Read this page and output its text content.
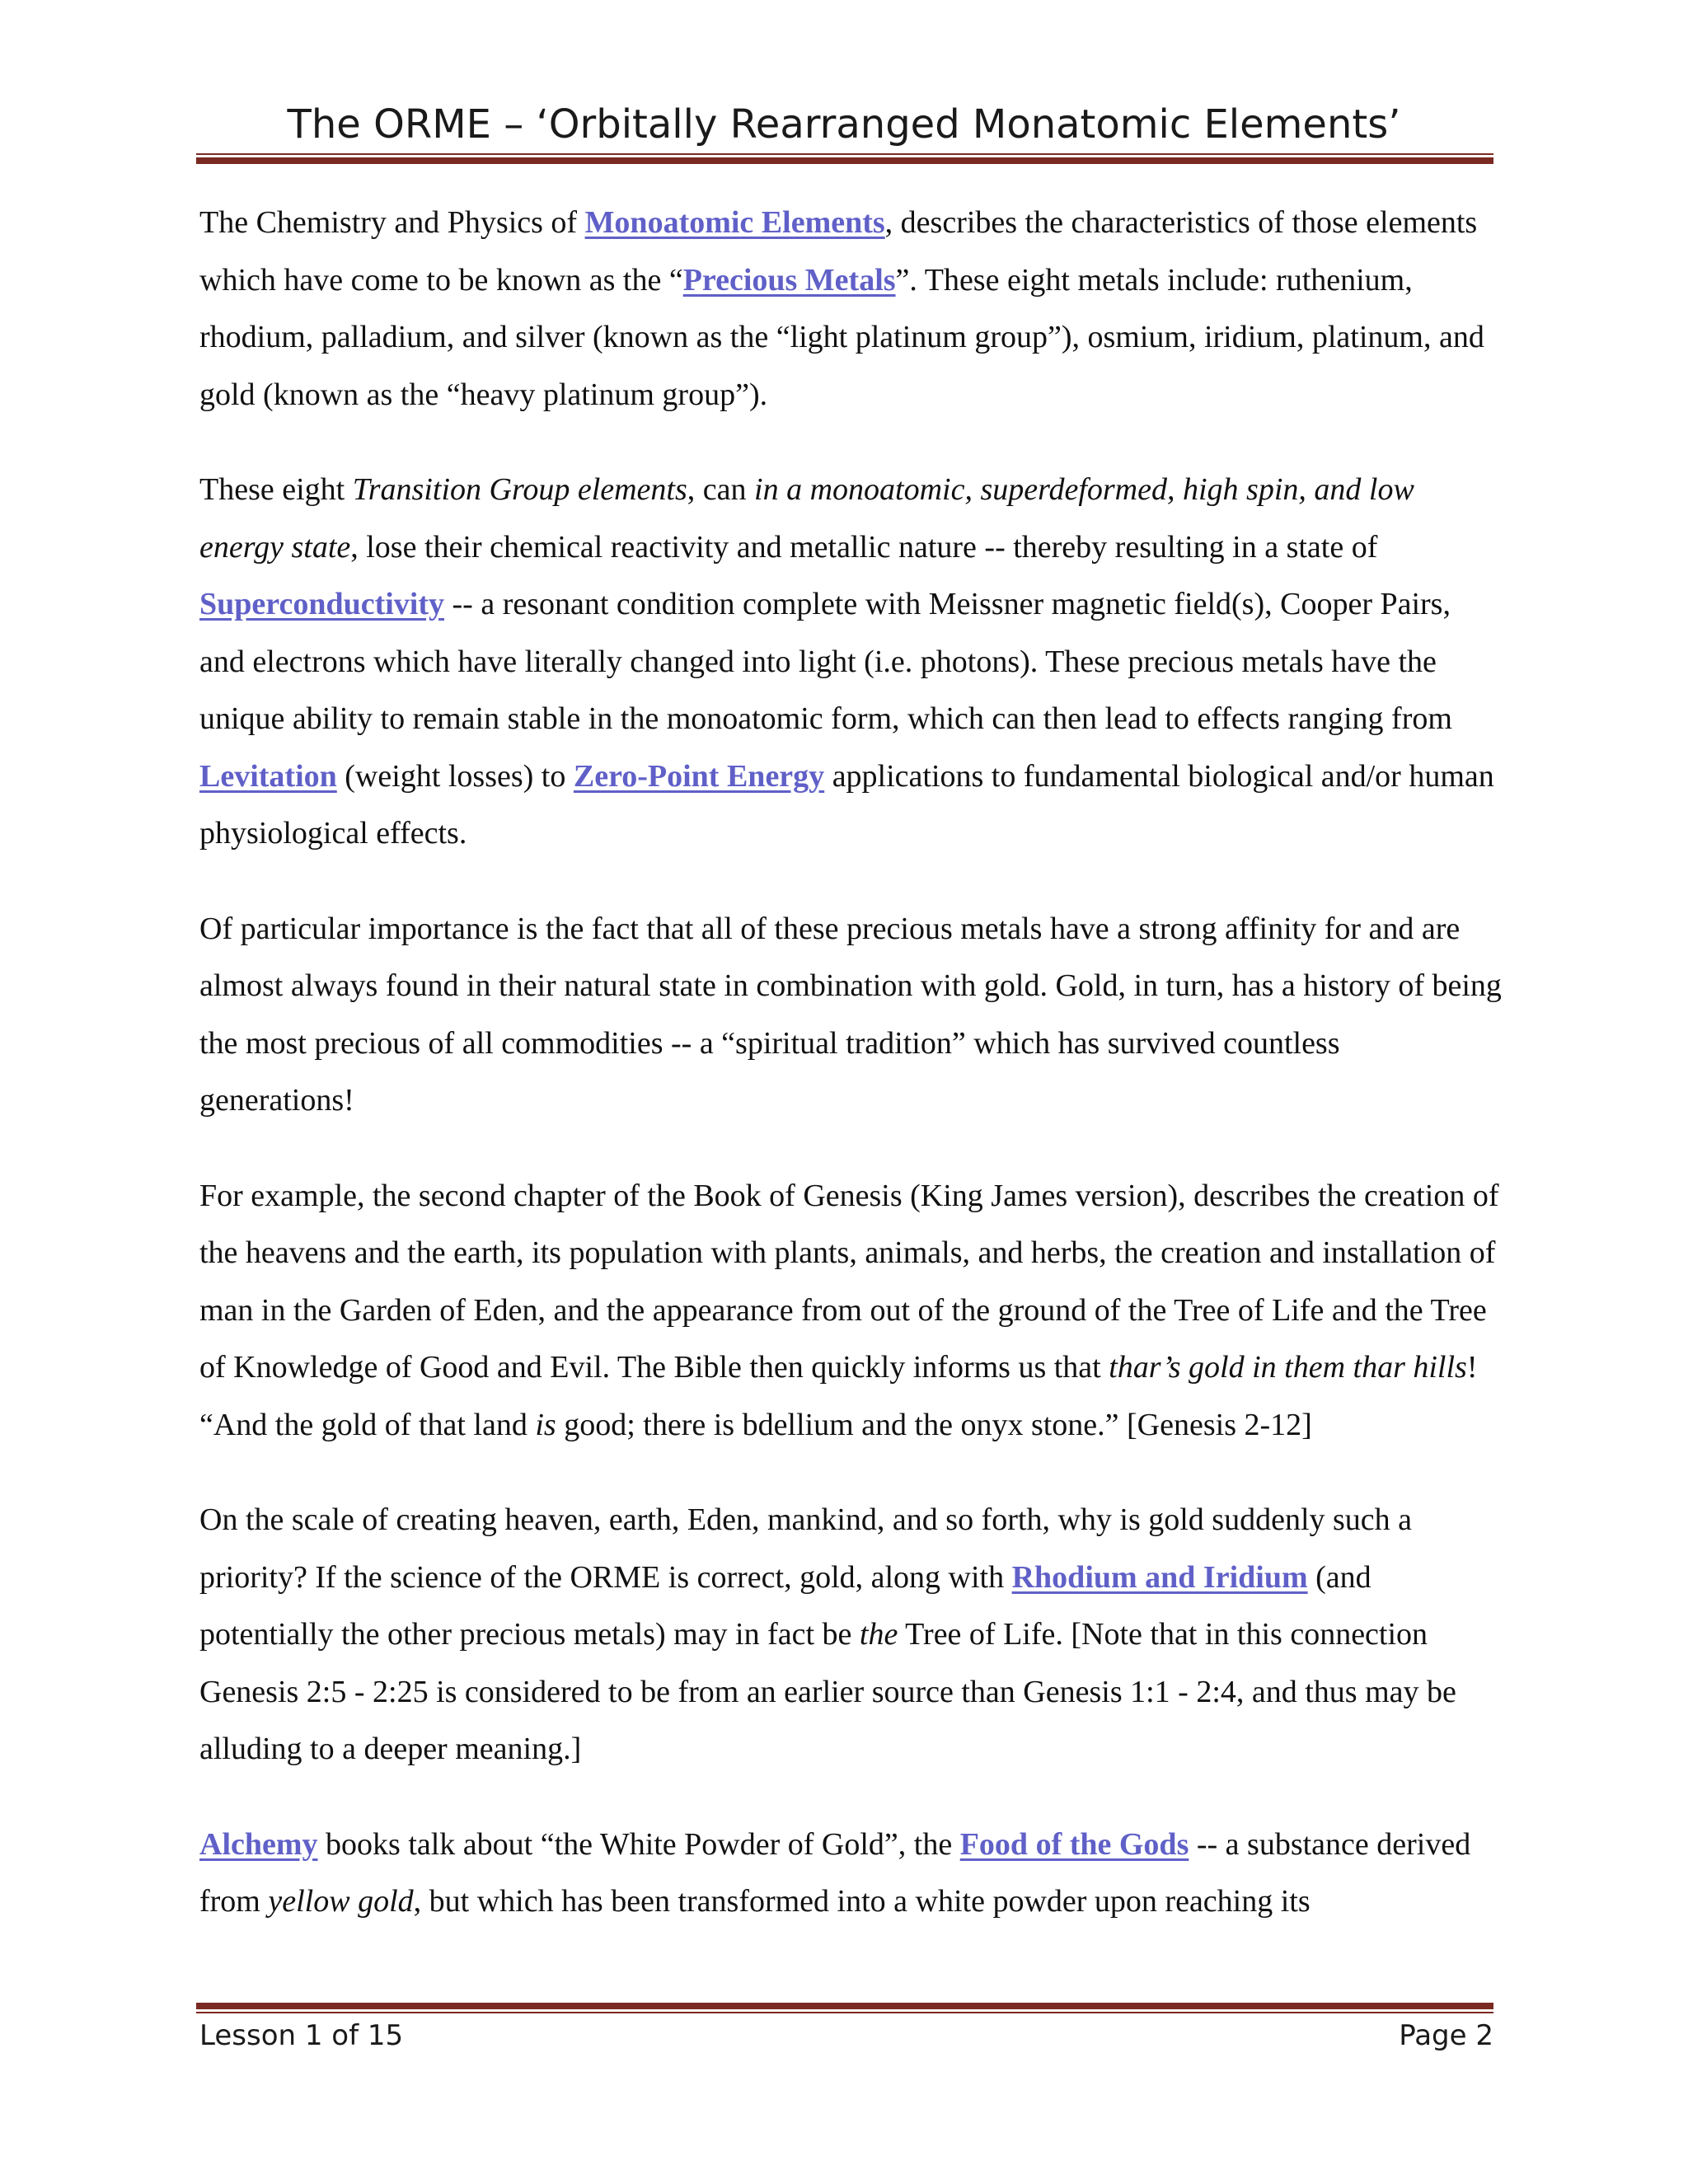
The ORME – ‘Orbitally Rearranged Monatomic Elements’

The Chemistry and Physics of Monoatomic Elements, describes the characteristics of those elements which have come to be known as the “Precious Metals”. These eight metals include: ruthenium, rhodium, palladium, and silver (known as the “light platinum group”), osmium, iridium, platinum, and gold (known as the “heavy platinum group”).

These eight Transition Group elements, can in a monoatomic, superdeformed, high spin, and low energy state, lose their chemical reactivity and metallic nature -- thereby resulting in a state of Superconductivity -- a resonant condition complete with Meissner magnetic field(s), Cooper Pairs, and electrons which have literally changed into light (i.e. photons). These precious metals have the unique ability to remain stable in the monoatomic form, which can then lead to effects ranging from Levitation (weight losses) to Zero-Point Energy applications to fundamental biological and/or human physiological effects.

Of particular importance is the fact that all of these precious metals have a strong affinity for and are almost always found in their natural state in combination with gold. Gold, in turn, has a history of being the most precious of all commodities -- a “spiritual tradition” which has survived countless generations!

For example, the second chapter of the Book of Genesis (King James version), describes the creation of the heavens and the earth, its population with plants, animals, and herbs, the creation and installation of man in the Garden of Eden, and the appearance from out of the ground of the Tree of Life and the Tree of Knowledge of Good and Evil. The Bible then quickly informs us that thar’s gold in them thar hills! “And the gold of that land is good; there is bdellium and the onyx stone.” [Genesis 2-12]

On the scale of creating heaven, earth, Eden, mankind, and so forth, why is gold suddenly such a priority? If the science of the ORME is correct, gold, along with Rhodium and Iridium (and potentially the other precious metals) may in fact be the Tree of Life. [Note that in this connection Genesis 2:5 - 2:25 is considered to be from an earlier source than Genesis 1:1 - 2:4, and thus may be alluding to a deeper meaning.]

Alchemy books talk about “the White Powder of Gold”, the Food of the Gods -- a substance derived from yellow gold, but which has been transformed into a white powder upon reaching its

Lesson 1 of 15	Page 2
